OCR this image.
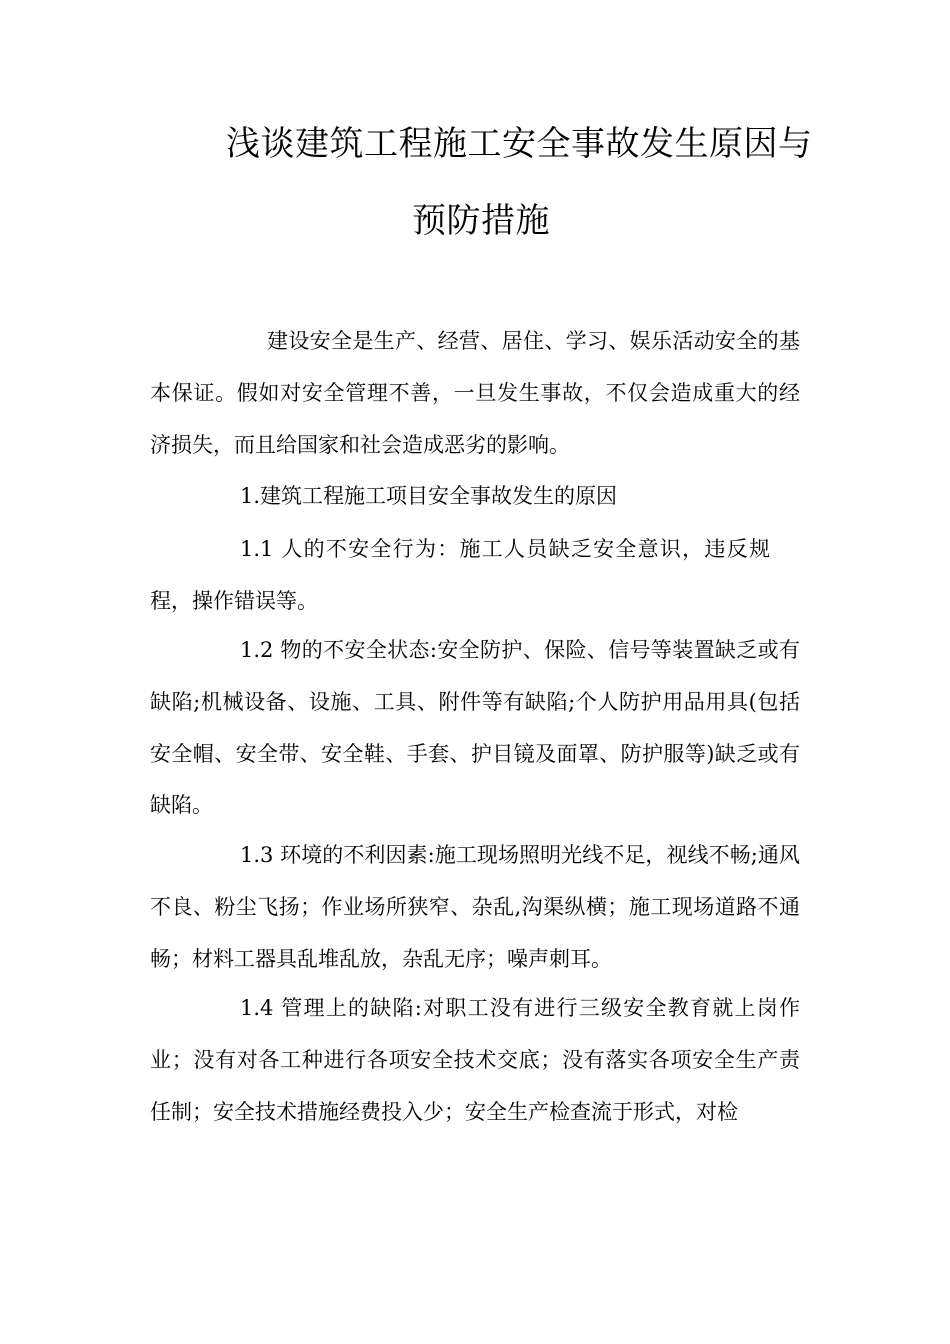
浅谈建筑工程施工安全事故发生原因与
预防措施

建设安全是生产、经营、居住、学习、娱乐活动安全的基本保证。假如对安全管理不善，一旦发生事故，不仅会造成重大的经济损失，而且给国家和社会造成恶劣的影响。

1.建筑工程施工项目安全事故发生的原因

1.1 人的不安全行为：施工人员缺乏安全意识，违反规程，操作错误等。

1.2 物的不安全状态:安全防护、保险、信号等装置缺乏或有缺陷;机械设备、设施、工具、附件等有缺陷;个人防护用品用具(包括安全帽、安全带、安全鞋、手套、护目镜及面罩、防护服等)缺乏或有缺陷。

1.3 环境的不利因素:施工现场照明光线不足，视线不畅;通风不良、粉尘飞扬；作业场所狭窄、杂乱,沟渠纵横；施工现场道路不通畅；材料工器具乱堆乱放，杂乱无序；噪声刺耳。

1.4 管理上的缺陷:对职工没有进行三级安全教育就上岗作业；没有对各工种进行各项安全技术交底；没有落实各项安全生产责任制；安全技术措施经费投入少；安全生产检查流于形式，对检
